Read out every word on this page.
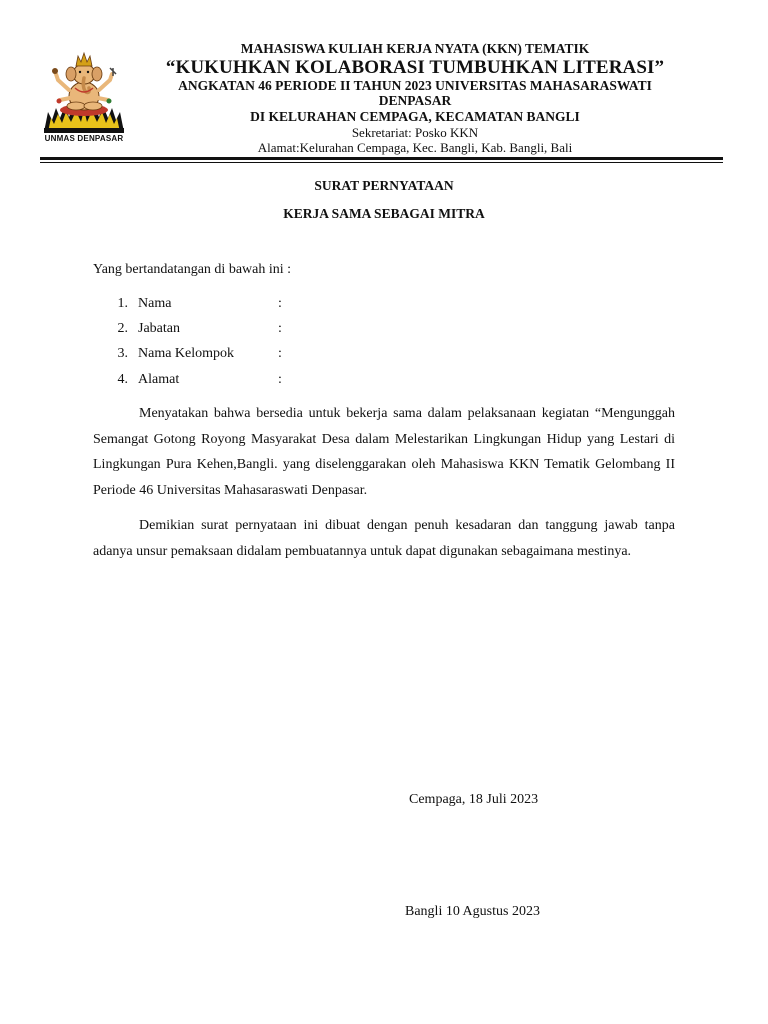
UNMAS DENPASAR
MAHASISWA KULIAH KERJA NYATA (KKN) TEMATIK
“KUKUHKAN KOLABORASI TUMBUHKAN LITERASI”
ANGKATAN 46 PERIODE II TAHUN 2023 UNIVERSITAS MAHASARASWATI
DENPASAR
DI KELURAHAN CEMPAGA, KECAMATAN BANGLI
Sekretariat: Posko KKN
Alamat:Kelurahan Cempaga, Kec. Bangli, Kab. Bangli, Bali
SURAT PERNYATAAN
KERJA SAMA SEBAGAI MITRA
Yang bertandatangan di bawah ini :
1. Nama	:
2. Jabatan	:
3. Nama Kelompok	:
4. Alamat	:
Menyatakan bahwa bersedia untuk bekerja sama dalam pelaksanaan kegiatan “Mengunggah Semangat Gotong Royong Masyarakat Desa dalam Melestarikan Lingkungan Hidup yang Lestari di Lingkungan Pura Kehen,Bangli. yang diselenggarakan oleh Mahasiswa KKN Tematik Gelombang II Periode 46 Universitas Mahasaraswati Denpasar.
Demikian surat pernyataan ini dibuat dengan penuh kesadaran dan tanggung jawab tanpa adanya unsur pemaksaan didalam pembuatannya untuk dapat digunakan sebagaimana mestinya.
Cempaga, 18 Juli 2023
Bangli 10 Agustus 2023
